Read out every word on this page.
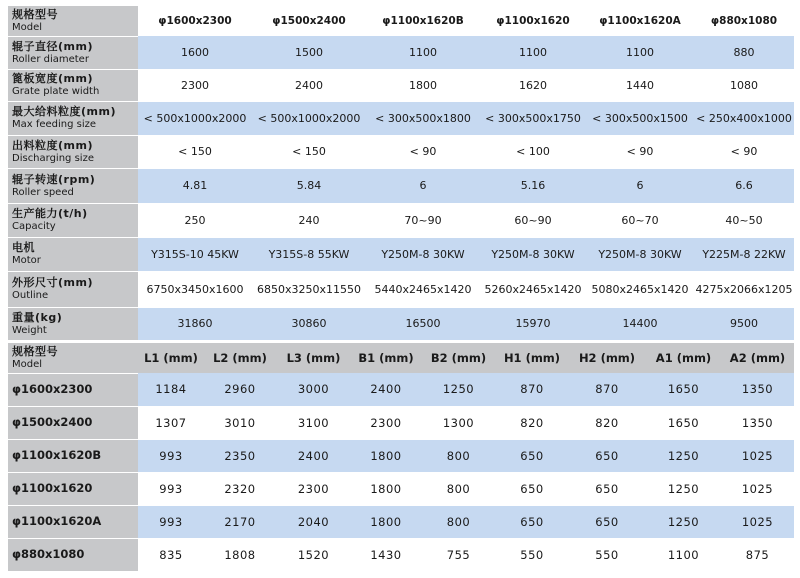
规格型号
Model	φ1600x2300	φ1500x2400	φ1100x1620B	φ1100x1620	φ1100x1620A	φ880x1080

辊子直径(mm)
Roller diameter	1600	1500	1100	1100	1100	880

篦板宽度(mm)
Grate plate width	2300	2400	1800	1620	1440	1080

最大给料粒度(mm)
Max feeding size	< 500x1000x2000	< 500x1000x2000	< 300x500x1800	< 300x500x1750	< 300x500x1500	< 250x400x1000

出料粒度(mm)
Discharging size	< 150	< 150	< 90	< 100	< 90	< 90

辊子转速(rpm)
Roller speed	4.81	5.84	6	5.16	6	6.6

生产能力(t/h)
Capacity	250	240	70~90	60~90	60~70	40~50

电机
Motor	Y315S-10 45KW	Y315S-8 55KW	Y250M-8 30KW	Y250M-8 30KW	Y250M-8 30KW	Y225M-8 22KW

外形尺寸(mm)
Outline	6750x3450x1600	6850x3250x11550	5440x2465x1420	5260x2465x1420	5080x2465x1420	4275x2066x1205

重量(kg)
Weight	31860	30860	16500	15970	14400	9500
规格型号
Model	L1 (mm)	L2 (mm)	L3 (mm)	B1 (mm)	B2 (mm)	H1 (mm)	H2 (mm)	A1 (mm)	A2 (mm)
φ1600x2300	1184	2960	3000	2400	1250	870	870	1650	1350
φ1500x2400	1307	3010	3100	2300	1300	820	820	1650	1350
φ1100x1620B	993	2350	2400	1800	800	650	650	1250	1025
φ1100x1620	993	2320	2300	1800	800	650	650	1250	1025
φ1100x1620A	993	2170	2040	1800	800	650	650	1250	1025
φ880x1080	835	1808	1520	1430	755	550	550	1100	875
